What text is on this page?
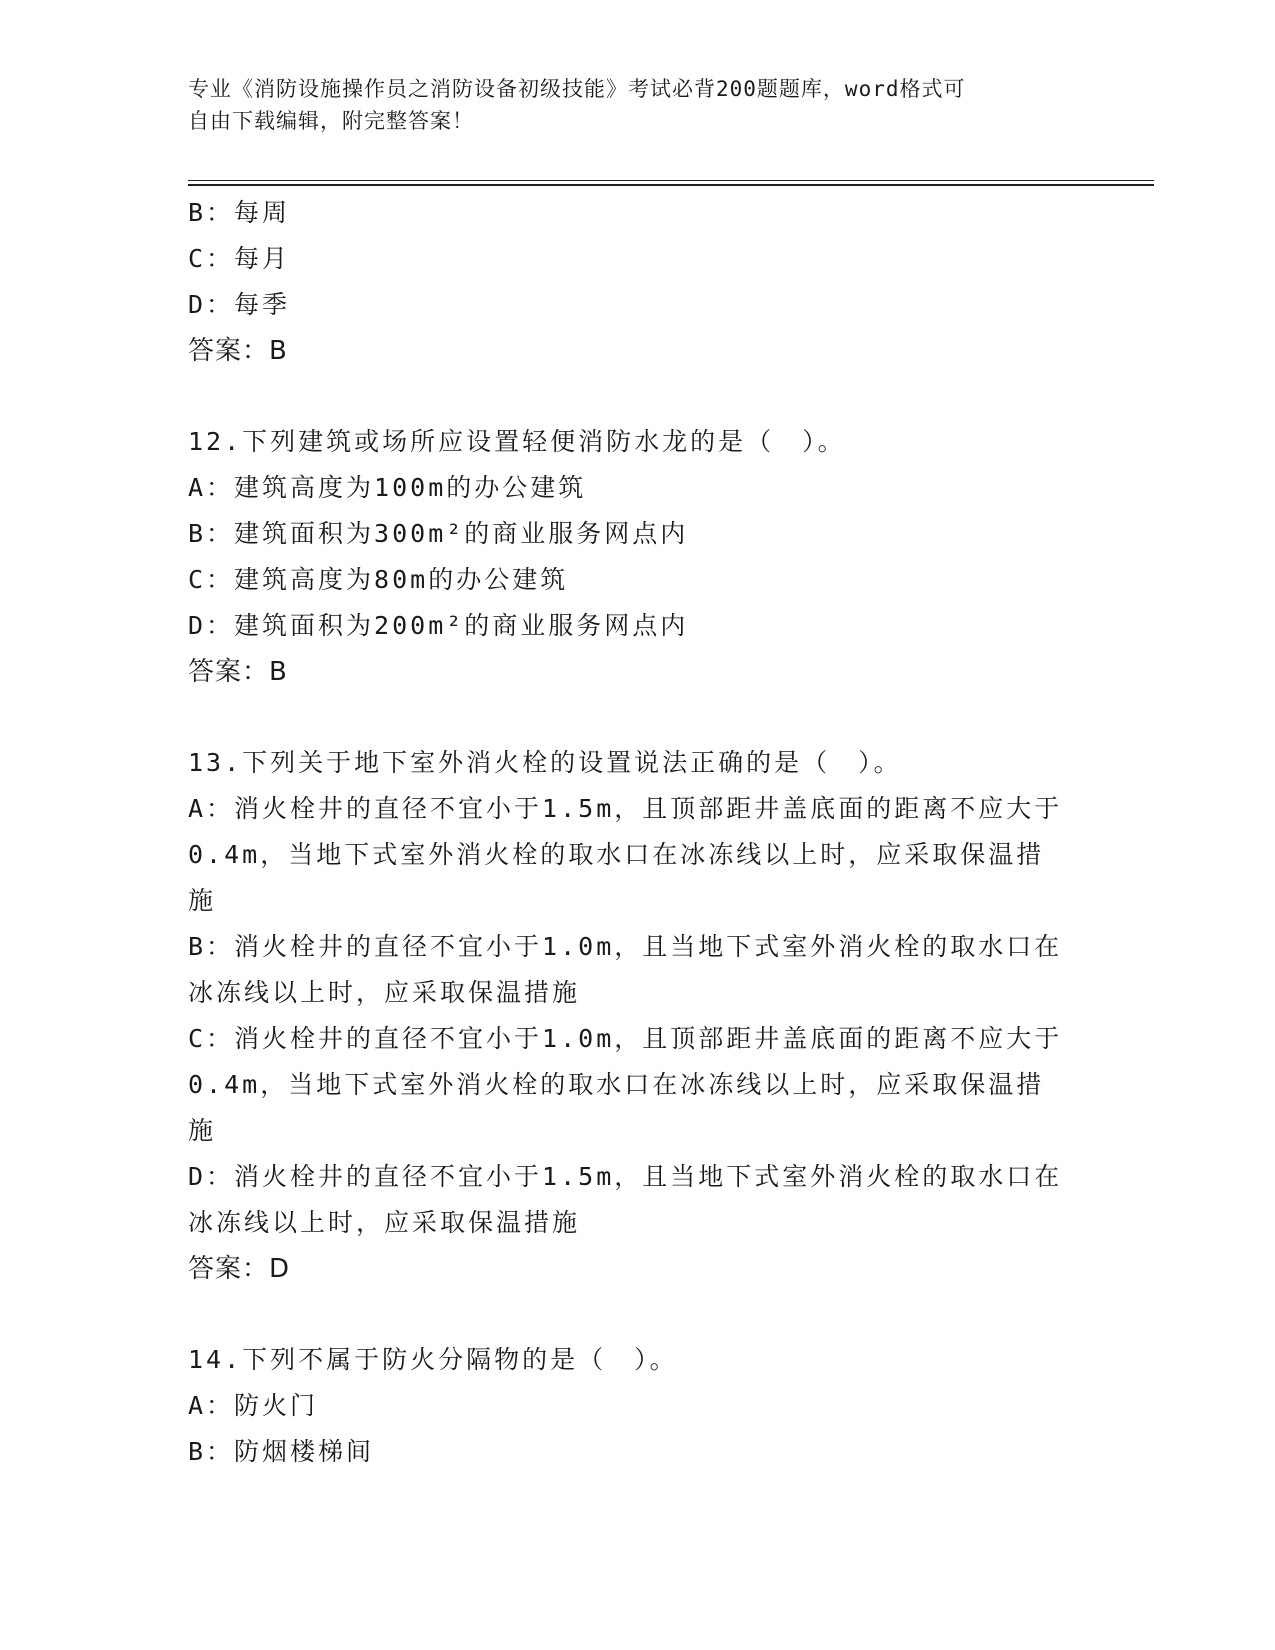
专业《消防设施操作员之消防设备初级技能》考试必背200题题库，word格式可
自由下载编辑，附完整答案！
B：每周
C：每月
D：每季
答案：B
12.下列建筑或场所应设置轻便消防水龙的是（　）。
A：建筑高度为100m的办公建筑
B：建筑面积为300m²的商业服务网点内
C：建筑高度为80m的办公建筑
D：建筑面积为200m²的商业服务网点内
答案：B
13.下列关于地下室外消火栓的设置说法正确的是（　）。
A：消火栓井的直径不宜小于1.5m，且顶部距井盖底面的距离不应大于
0.4m，当地下式室外消火栓的取水口在冰冻线以上时，应采取保温措
施
B：消火栓井的直径不宜小于1.0m，且当地下式室外消火栓的取水口在
冰冻线以上时，应采取保温措施
C：消火栓井的直径不宜小于1.0m，且顶部距井盖底面的距离不应大于
0.4m，当地下式室外消火栓的取水口在冰冻线以上时，应采取保温措
施
D：消火栓井的直径不宜小于1.5m，且当地下式室外消火栓的取水口在
冰冻线以上时，应采取保温措施
答案：D
14.下列不属于防火分隔物的是（　）。
A：防火门
B：防烟楼梯间
